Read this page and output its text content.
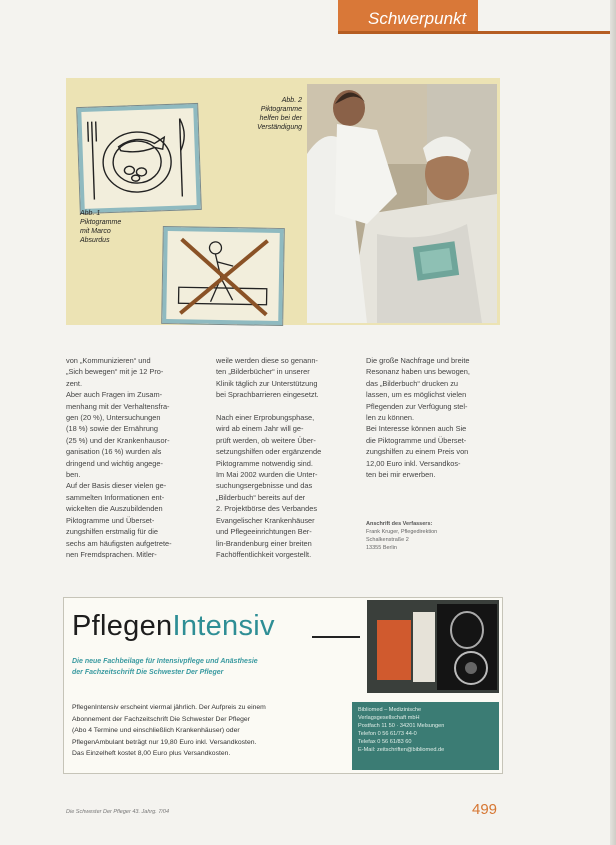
Schwerpunkt
Abb. 1
Piktogramme
mit Marco
Absurdus
Abb. 2
Piktogramme
helfen bei der
Verständigung
von „Kommunizieren“ und
„Sich bewegen“ mit je 12 Pro-
zent.
Aber auch Fragen im Zusam-
menhang mit der Verhaltensfra-
gen (20 %), Untersuchungen
(18 %) sowie der Ernährung
(25 %) und der Krankenhausor-
ganisation (16 %) wurden als
dringend und wichtig angege-
ben.
Auf der Basis dieser vielen ge-
sammelten Informationen ent-
wickelten die Auszubildenden
Piktogramme und Überset-
zungshilfen erstmalig für die
sechs am häufigsten aufgetrete-
nen Fremdsprachen. Mitler-
weile werden diese so genann-
ten „Bilderbücher“ in unserer
Klinik täglich zur Unterstützung
bei Sprachbarrieren eingesetzt.

Nach einer Erprobungsphase,
wird ab einem Jahr will ge-
prüft werden, ob weitere Über-
setzungshilfen oder ergänzende
Piktogramme notwendig sind.
Im Mai 2002 wurden die Unter-
suchungsergebnisse und das
„Bilderbuch“ bereits auf der
2. Projektbörse des Verbandes
Evangelischer Krankenhäuser
und Pflegeeinrichtungen Ber-
lin-Brandenburg einer breiten
Fachöffentlichkeit vorgestellt.
Die große Nachfrage und breite
Resonanz haben uns bewogen,
das „Bilderbuch“ drucken zu
lassen, um es möglichst vielen
Pflegenden zur Verfügung stel-
len zu können.
Bei Interesse können auch Sie
die Piktogramme und Überset-
zungshilfen zu einem Preis von
12,00 Euro inkl. Versandkos-
ten bei mir erwerben.
Anschrift des Verfassers:
Frank Kruger, Pflegedirektion
Schalkenstraße 2
13355 Berlin
PflegenIntensiv
Die neue Fachbeilage für Intensivpflege und Anästhesie
der Fachzeitschrift Die Schwester Der Pfleger
PflegenIntensiv erscheint viermal jährlich. Der Aufpreis zu einem
Abonnement der Fachzeitschrift Die Schwester Der Pfleger
(Abo 4 Termine und einschließlich Krankenhäuser) oder
PflegenAmbulant beträgt nur 19,80 Euro inkl. Versandkosten.
Das Einzelheft kostet 8,00 Euro plus Versandkosten.
Bibliomed – Medizinische
Verlagsgesellschaft mbH
Postfach 11 50 · 34201 Melsungen
Telefon 0 56 61/73 44-0
Telefax 0 56 61/83 60
E-Mail: zeitschriften@bibliomed.de
Die Schwester Der Pfleger 43. Jahrg. 7/04	499
